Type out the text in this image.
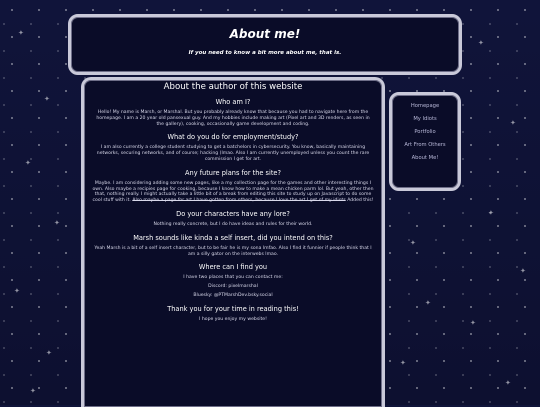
✦
✦
✦
✦
✦
✦
✦
✦
✦
✦
✦
✦
✦
✦
✦
✦
About me!
If you need to know a bit more about me, that is.
About the author of this website
Who am I?

Hello! My name is Marsh, or Marshal. But you probably already know that because you had to navigate here from the homepage. I am a 20 year old pansexual guy. And my hobbies include making art (Pixel art and 3D renders, as seen in the gallery), cooking, occasionally game development and coding.

What do you do for employment/study?

I am also currently a college student studying to get a batchelors in cybersecurity. You know, basically maintaining networks, securing networks, and of course; hacking (lmao. Also I am currently unemployed unless you count the rare commission I get for art.

Any future plans for the site?

Maybe. I am considering adding some new pages, like a my collection page for the games and other interesting things I own. Also maybe a recipies page for cooking, because I know how to make a mean chicken parm lol. But yeah, other then that, nothing really. I might actually take a little bit of a break from editing this site to study up on Javascript to do some cool stuff with it. Also maybe a page for art I have gotten from others, because I love the art I get of my idiots Added this!

Do your characters have any lore?

Nothing really concrete, but I do have ideas and rules for their world.

Marsh sounds like kinda a self insert, did you intend on this?

Yeah Marsh is a bit of a self insert character, but to be fair he is my sona lmfao. Also I find it funnier if people think that I am a silly gator on the interwebs lmao.

Where can I find you

I have two places that you can contact me:

Discord: pixelmarshal

Bluesky: @PTMarshDev.bsky.social

Thank you for your time in reading this!

I hope you enjoy my website!

Homepage
My Idiots
Portfolio
Art From Others
About Me!
